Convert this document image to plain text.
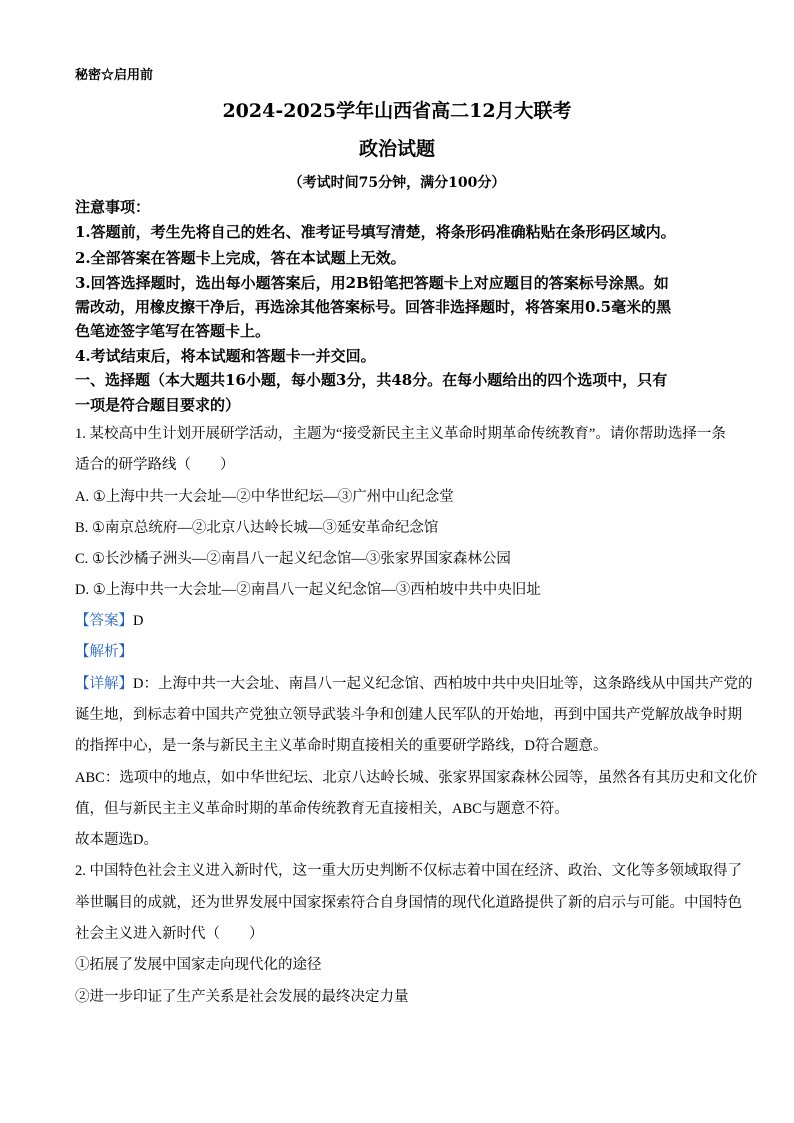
秘密☆启用前
2024-2025学年山西省高二12月大联考
政治试题
（考试时间75分钟，满分100分）
注意事项：
1.答题前，考生先将自己的姓名、准考证号填写清楚，将条形码准确粘贴在条形码区域内。
2.全部答案在答题卡上完成，答在本试题上无效。
3.回答选择题时，选出每小题答案后，用2B铅笔把答题卡上对应题目的答案标号涂黑。如
需改动，用橡皮擦干净后，再选涂其他答案标号。回答非选择题时，将答案用0.5毫米的黑
色笔迹签字笔写在答题卡上。
4.考试结束后，将本试题和答题卡一并交回。
一、选择题（本大题共16小题，每小题3分，共48分。在每小题给出的四个选项中，只有
一项是符合题目要求的）
1. 某校高中生计划开展研学活动，主题为“接受新民主主义革命时期革命传统教育”。请你帮助选择一条
适合的研学路线（　　）
A. ①上海中共一大会址—②中华世纪坛—③广州中山纪念堂
B. ①南京总统府—②北京八达岭长城—③延安革命纪念馆
C. ①长沙橘子洲头—②南昌八一起义纪念馆—③张家界国家森林公园
D. ①上海中共一大会址—②南昌八一起义纪念馆—③西柏坡中共中央旧址
【答案】D
【解析】
【详解】D：上海中共一大会址、南昌八一起义纪念馆、西柏坡中共中央旧址等，这条路线从中国共产党的
诞生地，到标志着中国共产党独立领导武装斗争和创建人民军队的开始地，再到中国共产党解放战争时期
的指挥中心，是一条与新民主主义革命时期直接相关的重要研学路线，D符合题意。
ABC：选项中的地点，如中华世纪坛、北京八达岭长城、张家界国家森林公园等，虽然各有其历史和文化价
值，但与新民主主义革命时期的革命传统教育无直接相关，ABC与题意不符。
故本题选D。
2. 中国特色社会主义进入新时代，这一重大历史判断不仅标志着中国在经济、政治、文化等多领域取得了
举世瞩目的成就，还为世界发展中国家探索符合自身国情的现代化道路提供了新的启示与可能。中国特色
社会主义进入新时代（　　）
①拓展了发展中国家走向现代化的途径
②进一步印证了生产关系是社会发展的最终决定力量
